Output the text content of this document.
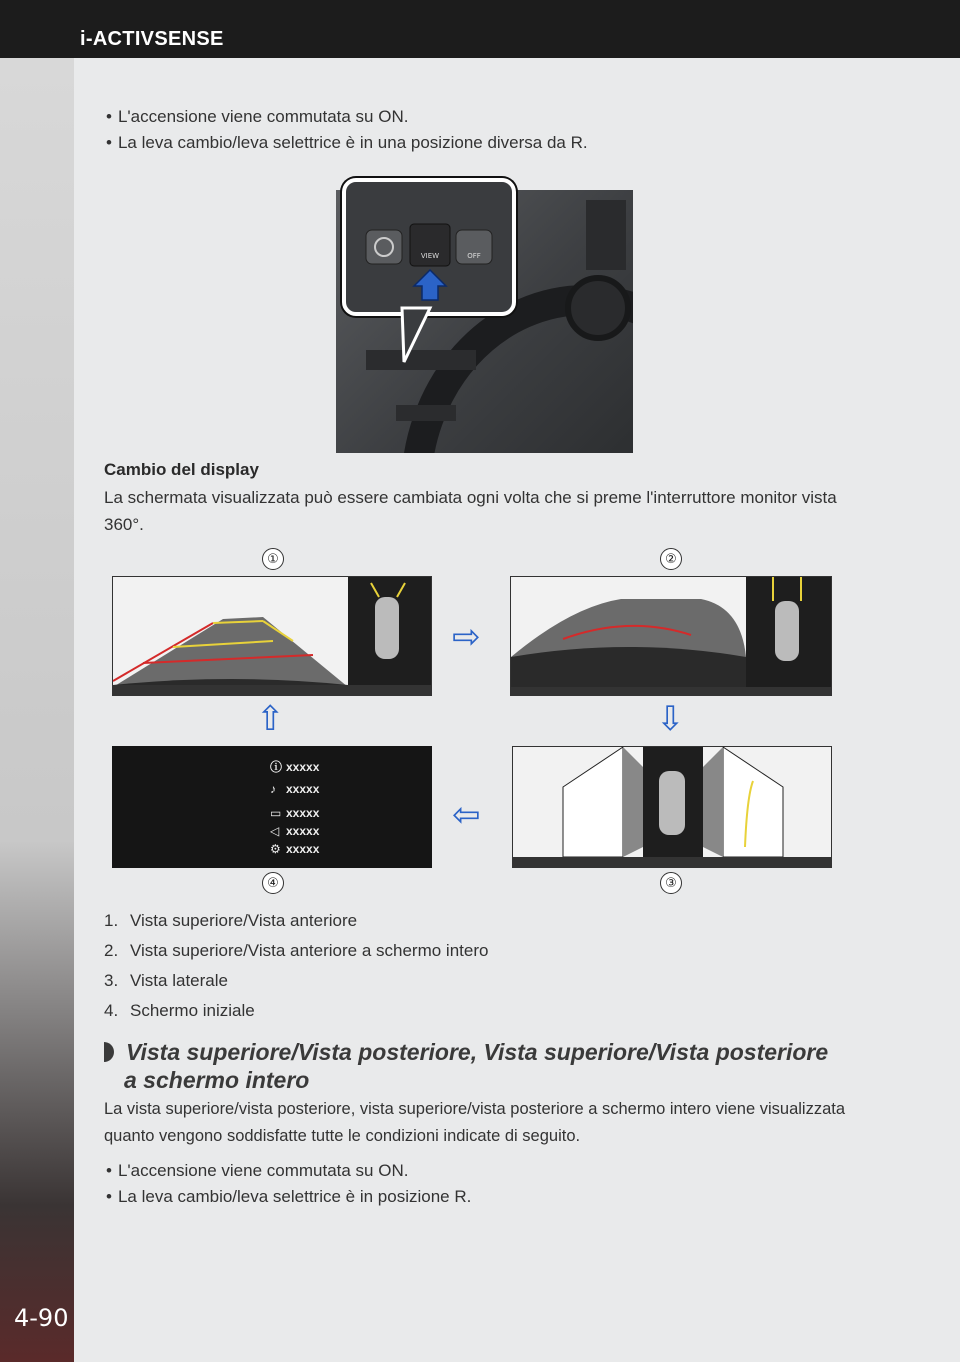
i-ACTIVSENSE
4-90
• L'accensione viene commutata su ON.
• La leva cambio/leva selettrice è in una posizione diversa da R.
VIEW	OFF
Cambio del display

La schermata visualizzata può essere cambiata ogni volta che si preme l'interruttore monitor vista 360°.

①	②
④	③
ⓘ xxxxx
♪ xxxxx
▭ xxxxx
◁ xxxxx
⚙ xxxxx
⇨
⇩
⇦
⇧
1. Vista superiore/Vista anteriore
2. Vista superiore/Vista anteriore a schermo intero
3. Vista laterale
4. Schermo iniziale
Vista superiore/Vista posteriore, Vista superiore/Vista posteriore
a schermo intero

La vista superiore/vista posteriore, vista superiore/vista posteriore a schermo intero viene visualizzata quanto vengono soddisfatte tutte le condizioni indicate di seguito.

• L'accensione viene commutata su ON.
• La leva cambio/leva selettrice è in posizione R.
